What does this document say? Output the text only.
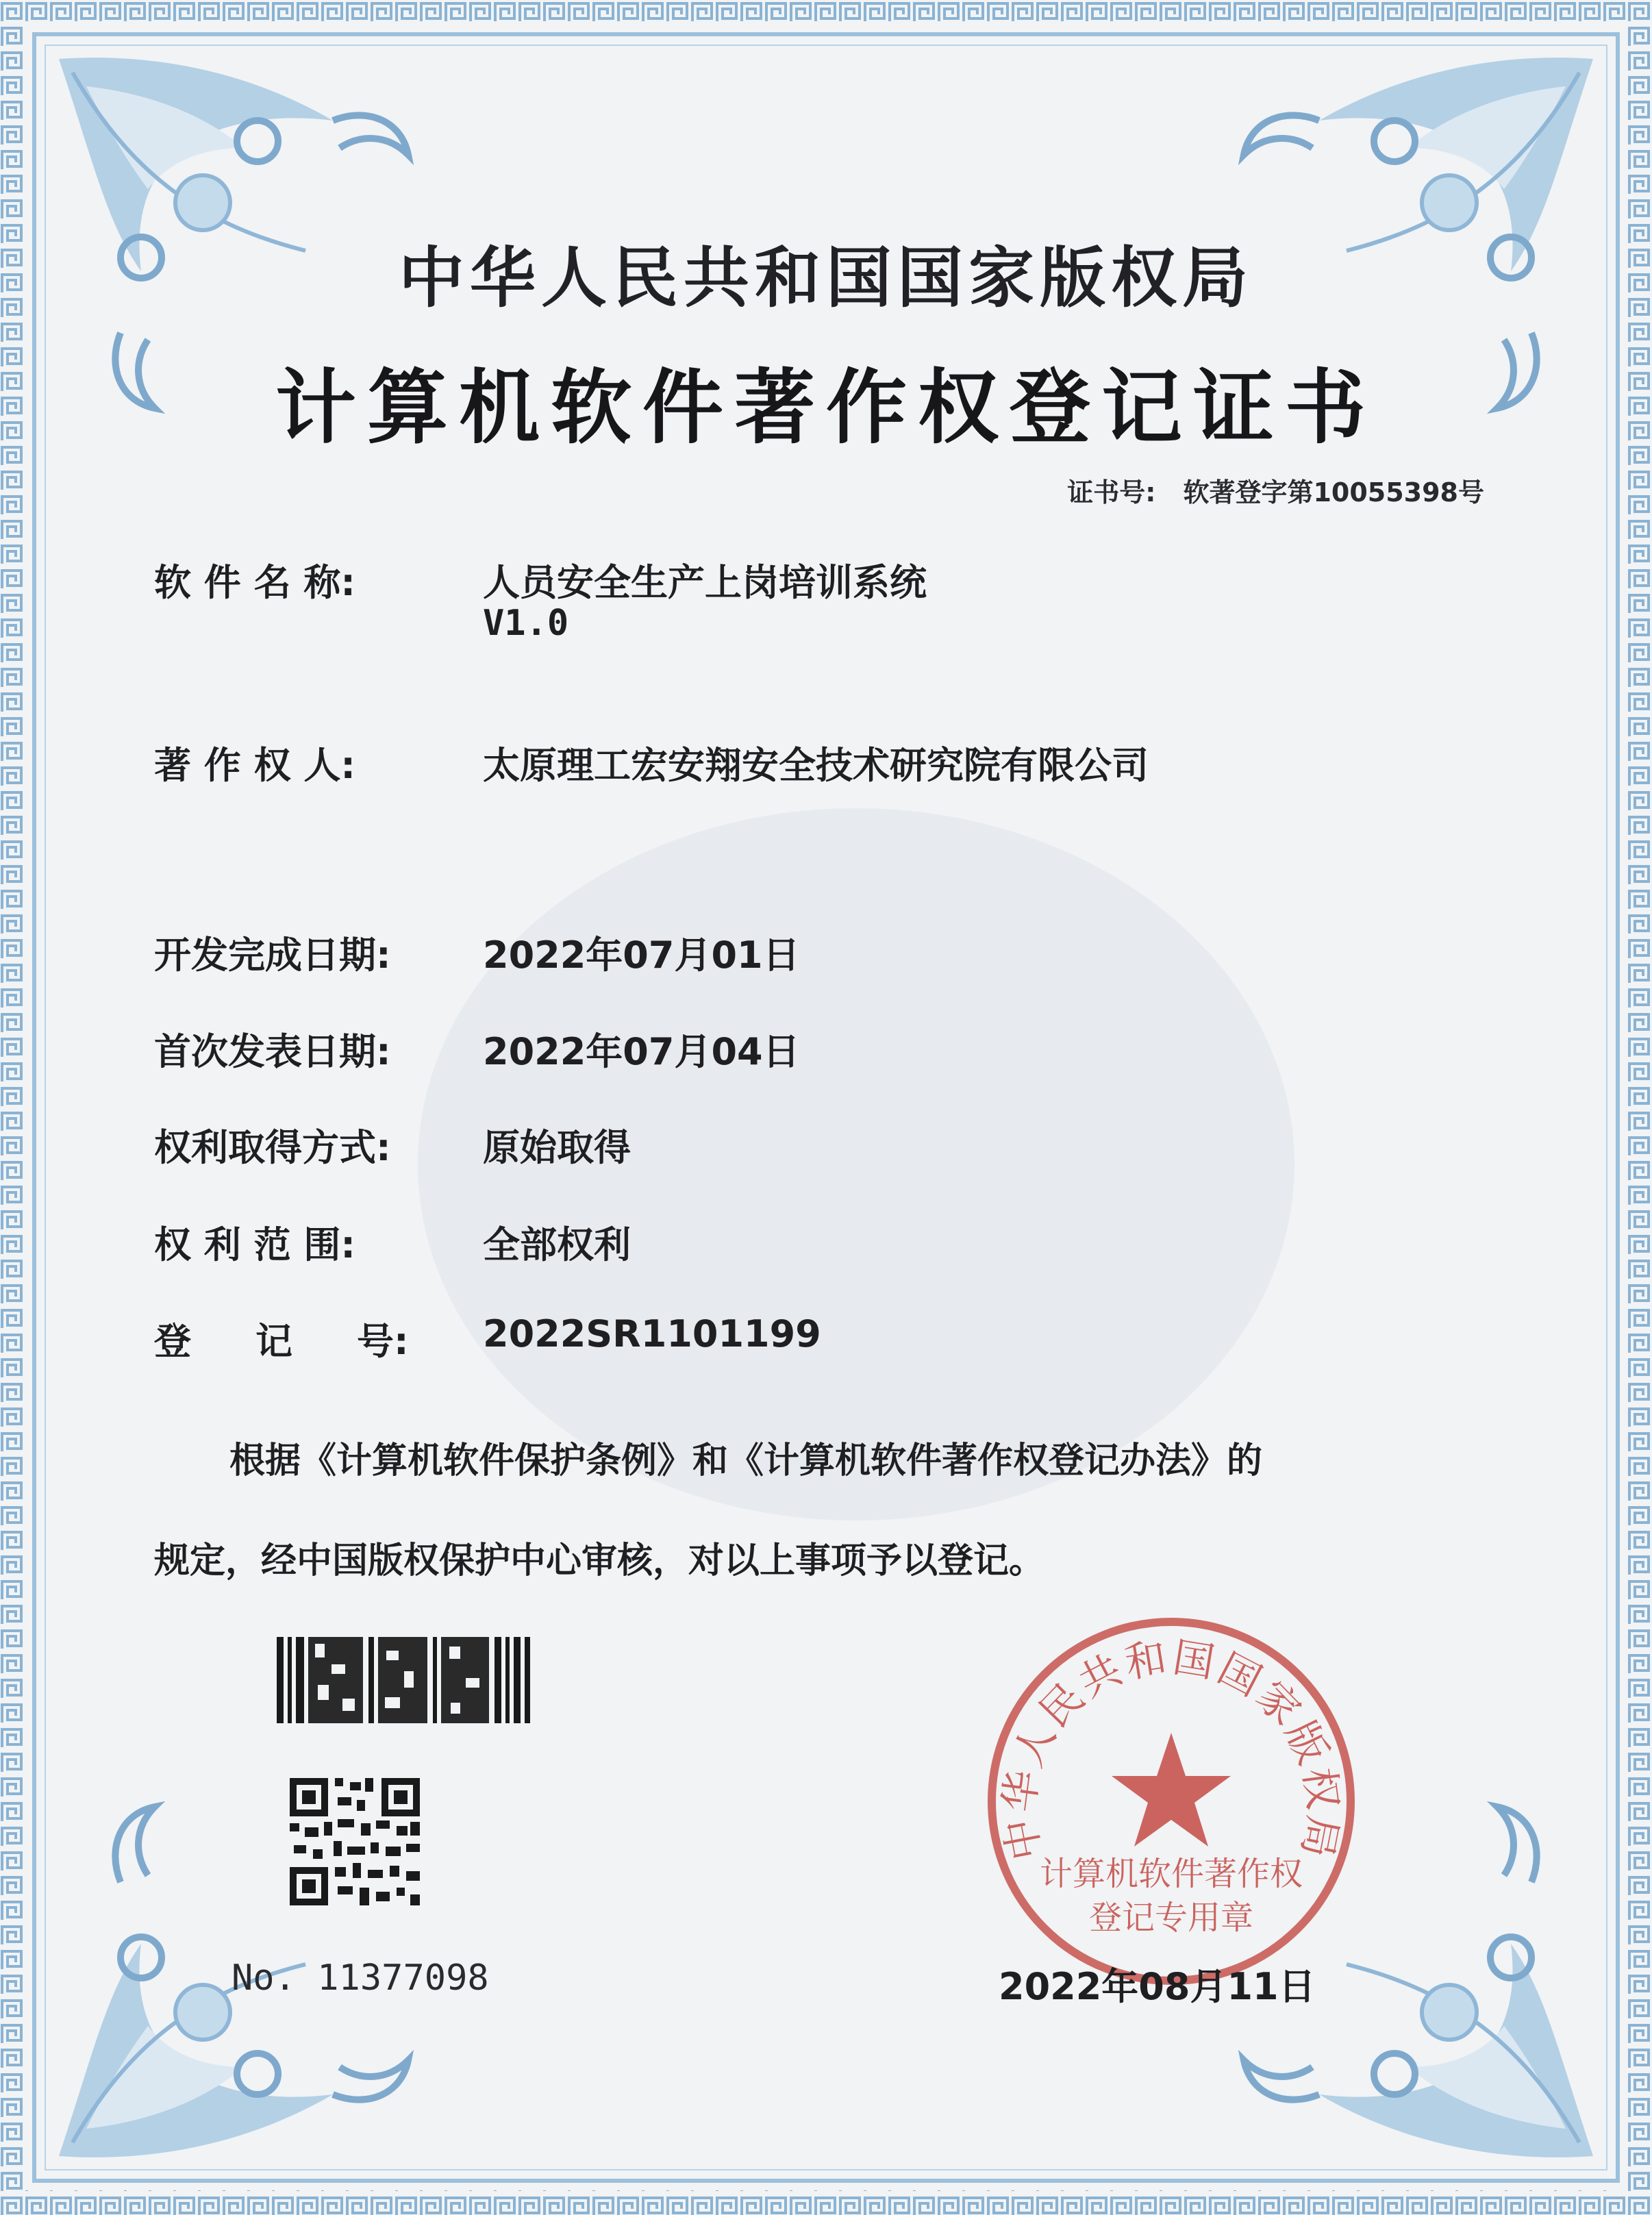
中华人民共和国国家版权局
计算机软件著作权登记证书
证书号: 软著登字第10055398号
软 件 名 称:	人员安全生产上岗培训系统
V1.0
著 作 权 人:	太原理工宏安翔安全技术研究院有限公司
开发完成日期: 2022年07月01日
首次发表日期: 2022年07月04日
权利取得方式: 原始取得
权 利 范 围:	全部权利
登     记     号: 2022SR1101199
根据《计算机软件保护条例》和《计算机软件著作权登记办法》的
规定，经中国版权保护中心审核，对以上事项予以登记。
No. 11377098
中华人民共和国国家版权局
计算机软件著作权
登记专用章
2022年08月11日
